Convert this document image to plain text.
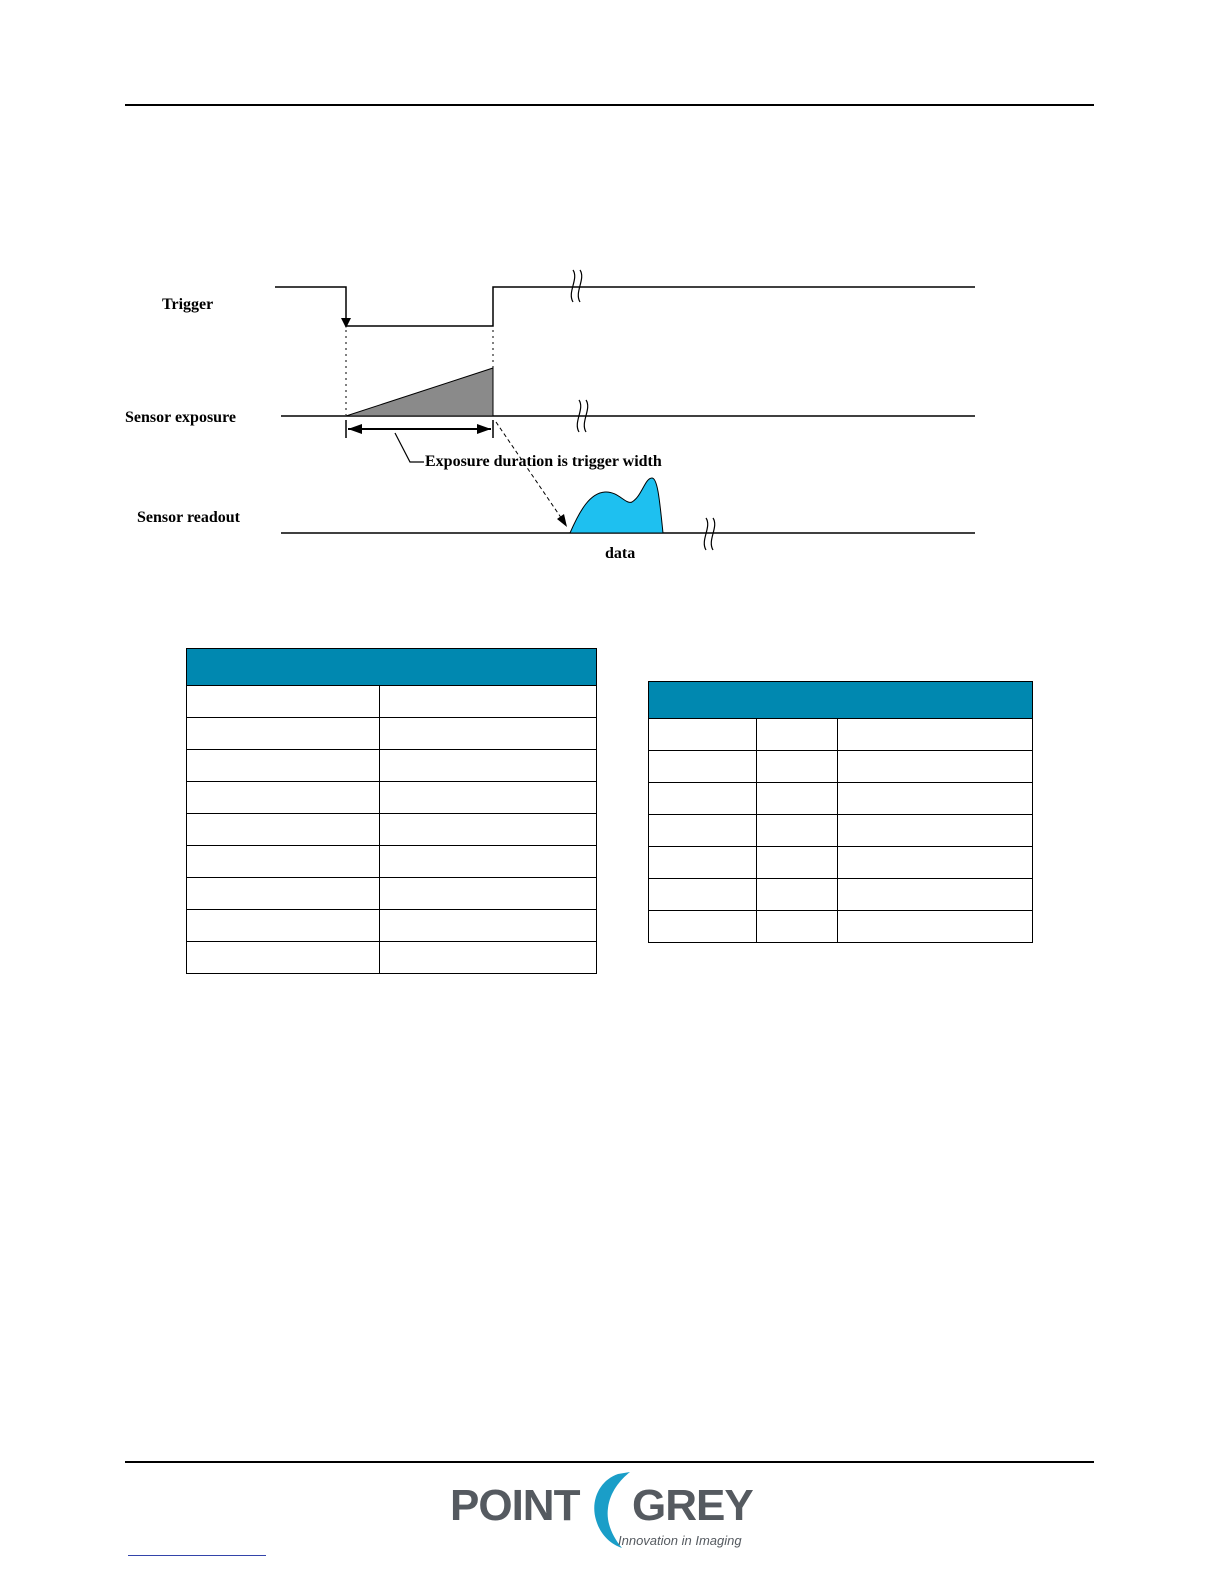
Exposure duration is trigger width
data
Trigger
Sensor exposure
Sensor readout

POINT GREY
Innovation in Imaging
